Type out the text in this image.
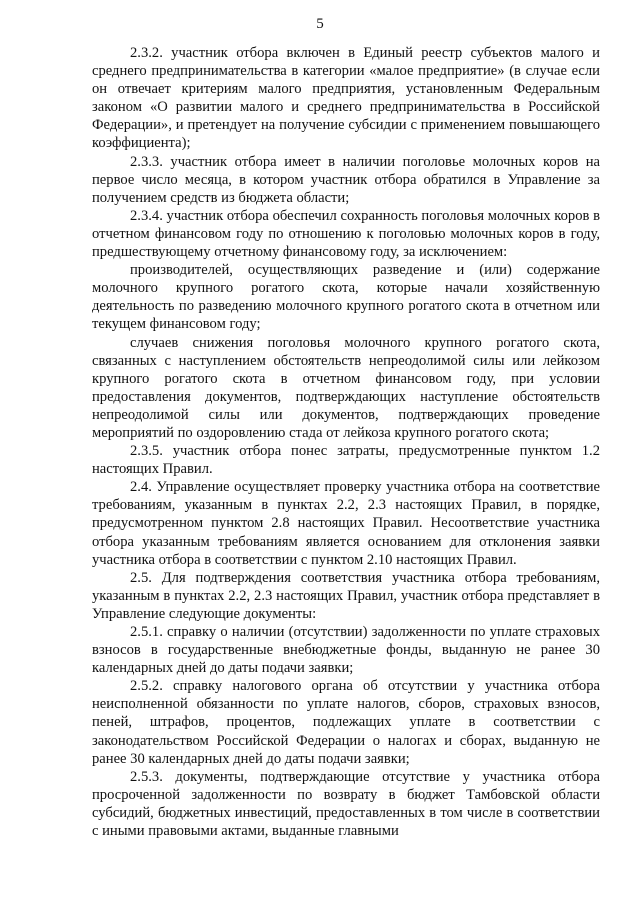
5

2.3.2. участник отбора включен в Единый реестр субъектов малого и среднего предпринимательства в категории «малое предприятие» (в случае если он отвечает критериям малого предприятия, установленным Федеральным законом «О развитии малого и среднего предпринимательства в Российской Федерации», и претендует на получение субсидии с применением повышающего коэффициента);

2.3.3. участник отбора имеет в наличии поголовье молочных коров на первое число месяца, в котором участник отбора обратился в Управление за получением средств из бюджета области;

2.3.4. участник отбора обеспечил сохранность поголовья молочных коров в отчетном финансовом году по отношению к поголовью молочных коров в году, предшествующему отчетному финансовому году, за исключением:

производителей, осуществляющих разведение и (или) содержание молочного крупного рогатого скота, которые начали хозяйственную деятельность по разведению молочного крупного рогатого скота в отчетном или текущем финансовом году;

случаев снижения поголовья молочного крупного рогатого скота, связанных с наступлением обстоятельств непреодолимой силы или лейкозом крупного рогатого скота в отчетном финансовом году, при условии предоставления документов, подтверждающих наступление обстоятельств непреодолимой силы или документов, подтверждающих проведение мероприятий по оздоровлению стада от лейкоза крупного рогатого скота;

2.3.5. участник отбора понес затраты, предусмотренные пунктом 1.2 настоящих Правил.

2.4. Управление осуществляет проверку участника отбора на соответствие требованиям, указанным в пунктах 2.2, 2.3 настоящих Правил, в порядке, предусмотренном пунктом 2.8 настоящих Правил. Несоответствие участника отбора указанным требованиям является основанием для отклонения заявки участника отбора в соответствии с пунктом 2.10 настоящих Правил.

2.5. Для подтверждения соответствия участника отбора требованиям, указанным в пунктах 2.2, 2.3 настоящих Правил, участник отбора представляет в Управление следующие документы:

2.5.1. справку о наличии (отсутствии) задолженности по уплате страховых взносов в государственные внебюджетные фонды, выданную не ранее 30 календарных дней до даты подачи заявки;

2.5.2. справку налогового органа об отсутствии у участника отбора неисполненной обязанности по уплате налогов, сборов, страховых взносов, пеней, штрафов, процентов, подлежащих уплате в соответствии с законодательством Российской Федерации о налогах и сборах, выданную не ранее 30 календарных дней до даты подачи заявки;

2.5.3. документы, подтверждающие отсутствие у участника отбора просроченной задолженности по возврату в бюджет Тамбовской области субсидий, бюджетных инвестиций, предоставленных в том числе в соответствии с иными правовыми актами, выданные главными
